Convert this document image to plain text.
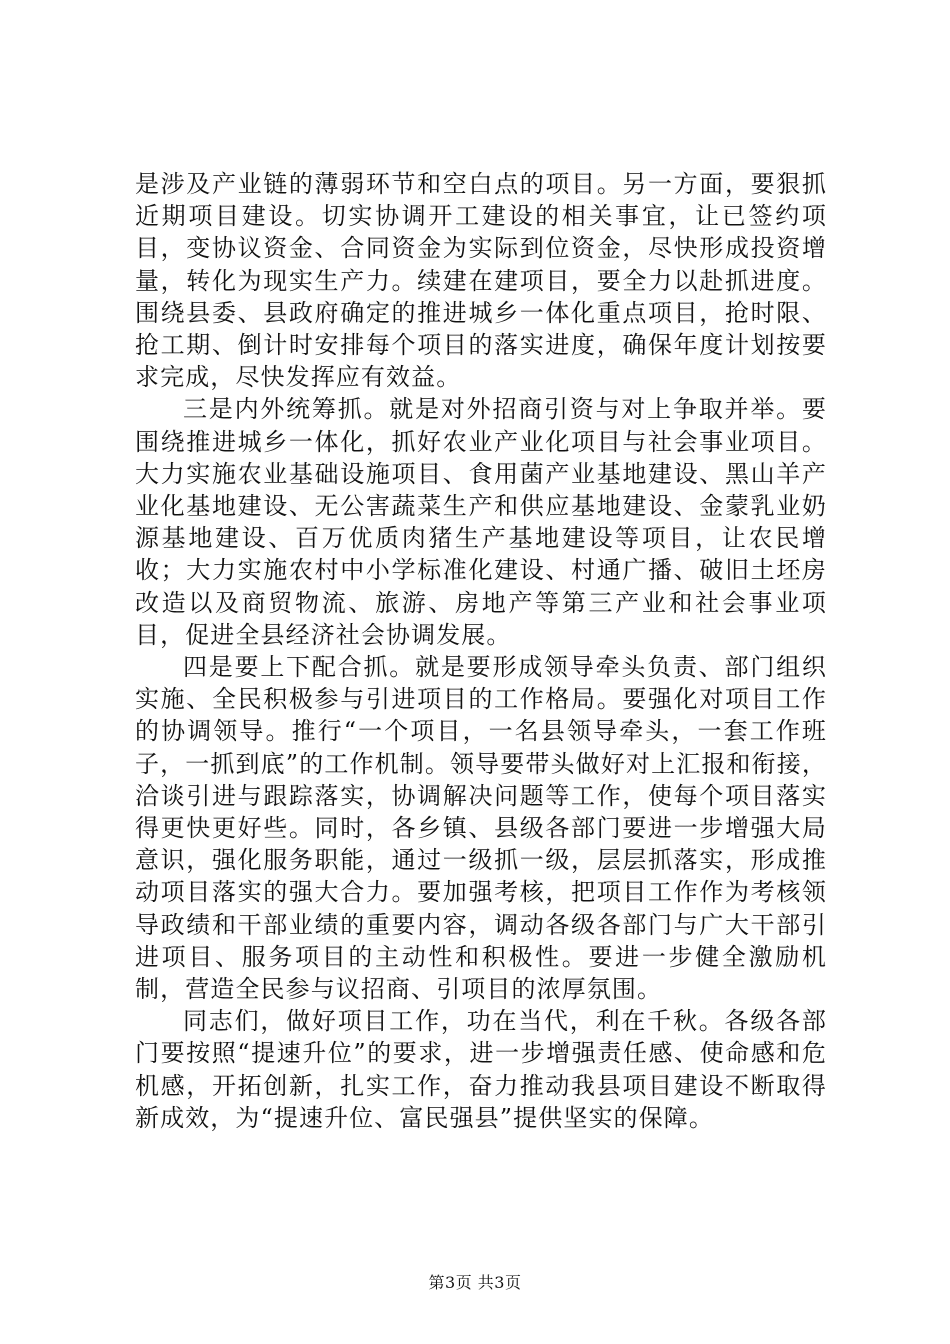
是涉及产业链的薄弱环节和空白点的项目。另一方面，要狠抓近期项目建设。切实协调开工建设的相关事宜，让已签约项目，变协议资金、合同资金为实际到位资金，尽快形成投资增量，转化为现实生产力。续建在建项目，要全力以赴抓进度。围绕县委、县政府确定的推进城乡一体化重点项目，抢时限、抢工期、倒计时安排每个项目的落实进度，确保年度计划按要求完成，尽快发挥应有效益。

三是内外统筹抓。就是对外招商引资与对上争取并举。要围绕推进城乡一体化，抓好农业产业化项目与社会事业项目。大力实施农业基础设施项目、食用菌产业基地建设、黑山羊产业化基地建设、无公害蔬菜生产和供应基地建设、金蒙乳业奶源基地建设、百万优质肉猪生产基地建设等项目，让农民增收；大力实施农村中小学标准化建设、村通广播、破旧土坯房改造以及商贸物流、旅游、房地产等第三产业和社会事业项目，促进全县经济社会协调发展。

四是要上下配合抓。就是要形成领导牵头负责、部门组织实施、全民积极参与引进项目的工作格局。要强化对项目工作的协调领导。推行“一个项目，一名县领导牵头，一套工作班子，一抓到底”的工作机制。领导要带头做好对上汇报和衔接，洽谈引进与跟踪落实，协调解决问题等工作，使每个项目落实得更快更好些。同时，各乡镇、县级各部门要进一步增强大局意识，强化服务职能，通过一级抓一级，层层抓落实，形成推动项目落实的强大合力。要加强考核，把项目工作作为考核领导政绩和干部业绩的重要内容，调动各级各部门与广大干部引进项目、服务项目的主动性和积极性。要进一步健全激励机制，营造全民参与议招商、引项目的浓厚氛围。

同志们，做好项目工作，功在当代，利在千秋。各级各部门要按照“提速升位”的要求，进一步增强责任感、使命感和危机感，开拓创新，扎实工作，奋力推动我县项目建设不断取得新成效，为“提速升位、富民强县”提供坚实的保障。

第3页 共3页
